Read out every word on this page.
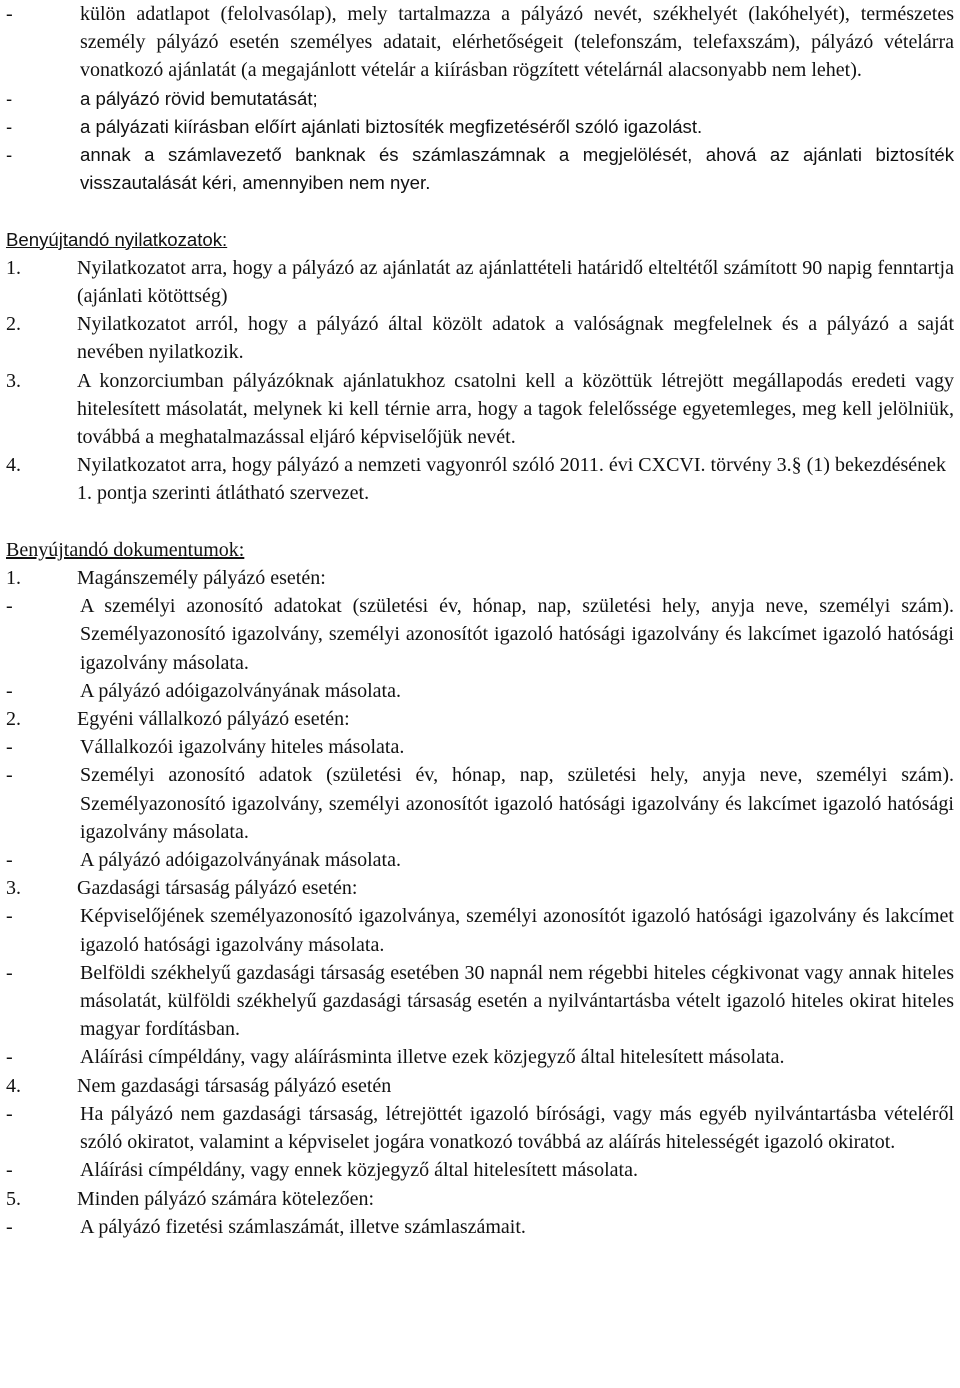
-	külön adatlapot (felolvasólap), mely tartalmazza a pályázó nevét, székhelyét (lakóhelyét), természetes személy pályázó esetén személyes adatait, elérhetőségeit (telefonszám, telefaxszám), pályázó vételárra vonatkozó ajánlatát (a megajánlott vételár a kiírásban rögzített vételárnál alacsonyabb nem lehet).
-	a pályázó rövid bemutatását;
-	a pályázati kiírásban előírt ajánlati biztosíték megfizetéséről szóló igazolást.
-	annak a számlavezető banknak és számlaszámnak a megjelölését, ahová az ajánlati biztosíték visszautalását kéri, amennyiben nem nyer.

Benyújtandó nyilatkozatok:

1.	Nyilatkozatot arra, hogy a pályázó az ajánlatát az ajánlattételi határidő elteltétől számított 90 napig fenntartja (ajánlati kötöttség)
2.	Nyilatkozatot arról, hogy a pályázó által közölt adatok a valóságnak megfelelnek és a pályázó a saját nevében nyilatkozik.
3.	A konzorciumban pályázóknak ajánlatukhoz csatolni kell a közöttük létrejött megállapodás eredeti vagy hitelesített másolatát, melynek ki kell térnie arra, hogy a tagok felelőssége egyetemleges, meg kell jelölniük, továbbá a meghatalmazással eljáró képviselőjük nevét.
4.	Nyilatkozatot arra, hogy pályázó a nemzeti vagyonról szóló 2011. évi CXCVI. törvény 3.§ (1) bekezdésének 1. pontja szerinti átlátható szervezet.

Benyújtandó dokumentumok:

1.	Magánszemély pályázó esetén:
-	A személyi azonosító adatokat (születési év, hónap, nap, születési hely, anyja neve, személyi szám). Személyazonosító igazolvány, személyi azonosítót igazoló hatósági igazolvány és lakcímet igazoló hatósági igazolvány másolata.
-	A pályázó adóigazolványának másolata.
2.	Egyéni vállalkozó pályázó esetén:
-	Vállalkozói igazolvány hiteles másolata.
-	Személyi azonosító adatok (születési év, hónap, nap, születési hely, anyja neve, személyi szám). Személyazonosító igazolvány, személyi azonosítót igazoló hatósági igazolvány és lakcímet igazoló hatósági igazolvány másolata.
-	A pályázó adóigazolványának másolata.
3.	Gazdasági társaság pályázó esetén:
-	Képviselőjének személyazonosító igazolványa, személyi azonosítót igazoló hatósági igazolvány és lakcímet igazoló hatósági igazolvány másolata.
-	Belföldi székhelyű gazdasági társaság esetében 30 napnál nem régebbi hiteles cégkivonat vagy annak hiteles másolatát, külföldi székhelyű gazdasági társaság esetén a nyilvántartásba vételt igazoló hiteles okirat hiteles magyar fordításban.
-	Aláírási címpéldány, vagy aláírásminta illetve ezek közjegyző által hitelesített másolata.
4.	Nem gazdasági társaság pályázó esetén
-	Ha pályázó nem gazdasági társaság, létrejöttét igazoló bírósági, vagy más egyéb nyilvántartásba vételéről szóló okiratot, valamint a képviselet jogára vonatkozó továbbá az aláírás hitelességét igazoló okiratot.
-	Aláírási címpéldány, vagy ennek közjegyző által hitelesített másolata.
5.	Minden pályázó számára kötelezően:
-	A pályázó fizetési számlaszámát, illetve számlaszámait.
